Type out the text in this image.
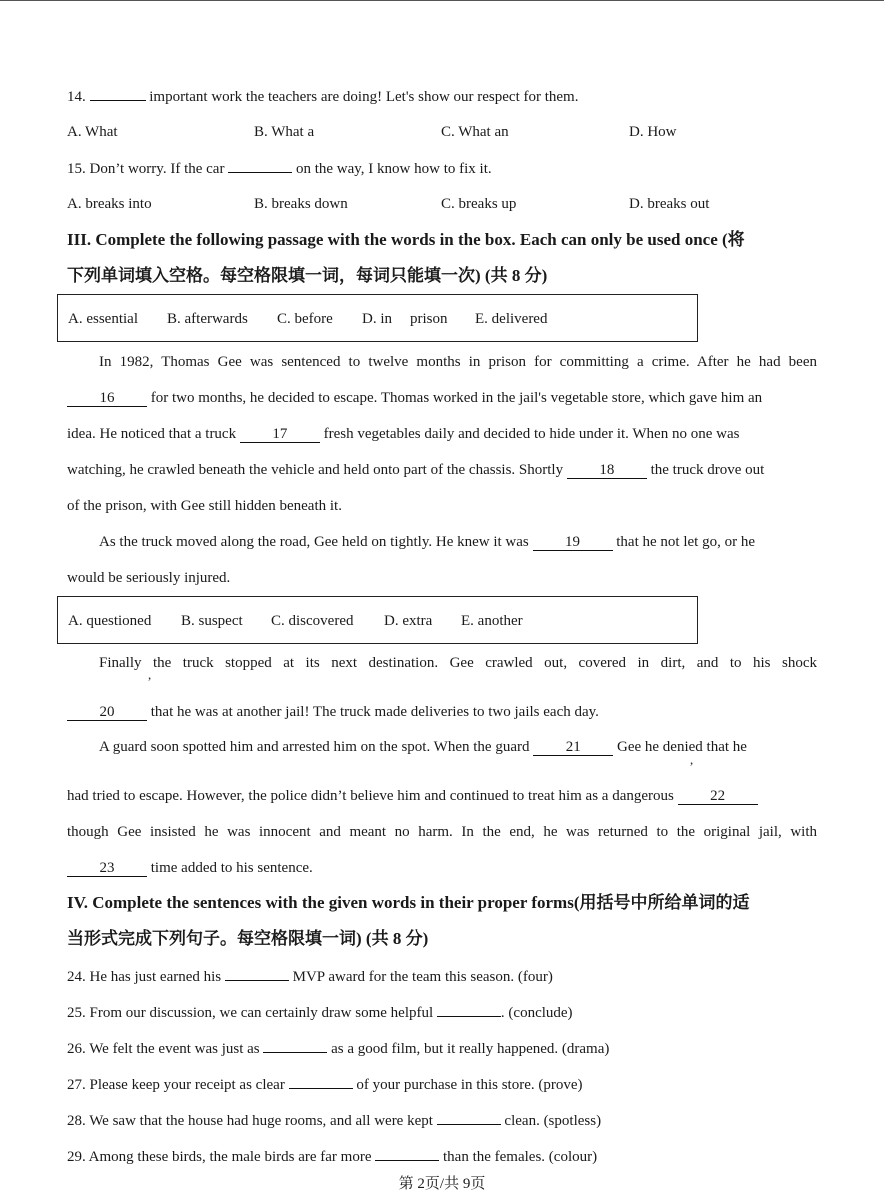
14.	important work the teachers are doing! Let's show our respect for them.
A. What	B. What a	C. What an	D. How
15. Don’t worry. If the car	on the way, I know how to fix it.
A. breaks into	B. breaks down	C. breaks up	D. breaks out
III. Complete the following passage with the words in the box. Each can only be used once (将
下列单词填入空格。每空格限填一词，每词只能填一次) (共 8 分)
A. essential B. afterwards C. before D. in prison E. delivered
In 1982, Thomas Gee was sentenced to twelve months in prison for committing a crime. After he had been
16 for two months, he decided to escape. Thomas worked in the jail's vegetable store, which gave him an
idea. He noticed that a truck 17 fresh vegetables daily and decided to hide under it. When no one was
watching, he crawled beneath the vehicle and held onto part of the chassis. Shortly 18 the truck drove out
of the prison, with Gee still hidden beneath it.
As the truck moved along the road, Gee held on tightly. He knew it was 19 that he not let go, or he
would be seriously injured.
A. questioned B. suspect C. discovered D. extra E. another
Finally the truck stopped at its next destination. Gee crawled out, covered in dirt, and to his shock
,
20 that he was at another jail! The truck made deliveries to two jails each day.
A guard soon spotted him and arrested him on the spot. When the guard 21 Gee he denied that he
,
had tried to escape. However, the police didn’t believe him and continued to treat him as a dangerous 22
though Gee insisted he was innocent and meant no harm. In the end, he was returned to the original jail, with
23 time added to his sentence.
IV. Complete the sentences with the given words in their proper forms(用括号中所给单词的适
当形式完成下列句子。每空格限填一词) (共 8 分)
24. He has just earned his	MVP award for the team this season. (four)
25. From our discussion, we can certainly draw some helpful	. (conclude)
26. We felt the event was just as	as a good film, but it really happened. (drama)
27. Please keep your receipt as clear	of your purchase in this store. (prove)
28. We saw that the house had huge rooms, and all were kept	clean. (spotless)
29. Among these birds, the male birds are far more	than the females. (colour)
第 2页/共 9页
